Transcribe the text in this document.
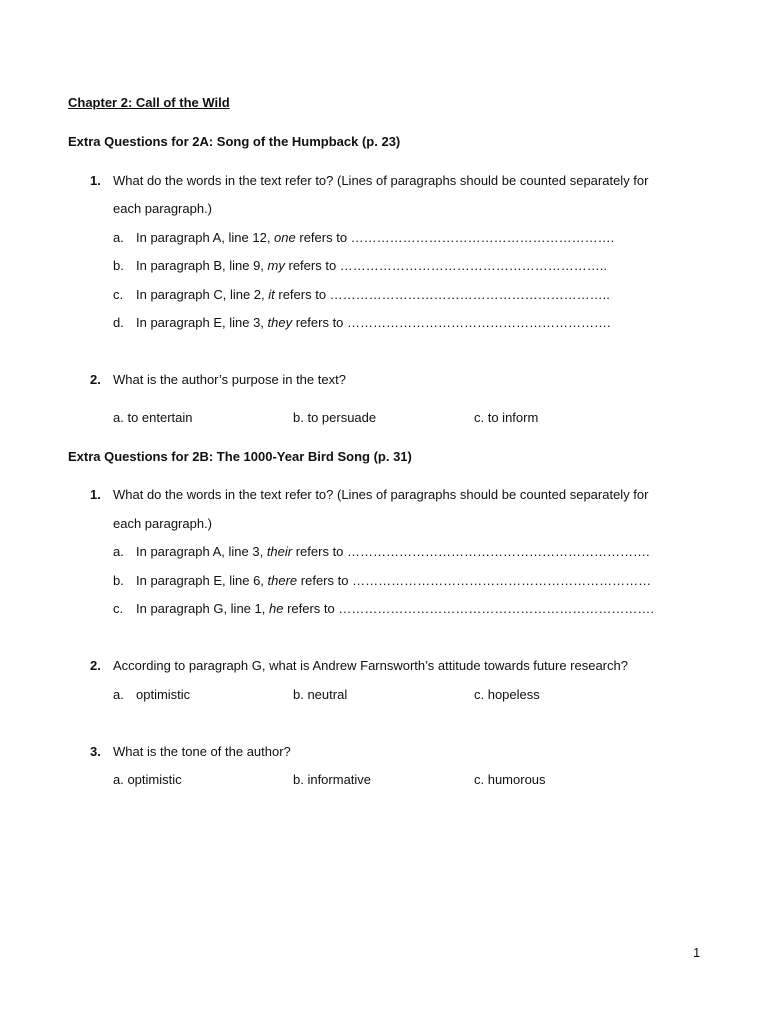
Chapter 2: Call of the Wild
Extra Questions for 2A: Song of the Humpback (p. 23)
1. What do the words in the text refer to? (Lines of paragraphs should be counted separately for
each paragraph.)
a. In paragraph A, line 12, one refers to …………………………………………………….
b. In paragraph B, line 9, my refers to ……………………………………………………..
c. In paragraph C, line 2, it refers to ………………………………………………………..
d. In paragraph E, line 3, they refers to …………………………………………………….
2. What is the author’s purpose in the text?
a. to entertain	b. to persuade	c. to inform
Extra Questions for 2B: The 1000-Year Bird Song (p. 31)
1. What do the words in the text refer to? (Lines of paragraphs should be counted separately for
each paragraph.)
a. In paragraph A, line 3, their refers to …………………………………………………………….
b. In paragraph E, line 6, there refers to ……………………………………………………………
c. In paragraph G, line 1, he refers to ……………………………………………………………….
2. According to paragraph G, what is Andrew Farnsworth’s attitude towards future research?
a. optimistic	b. neutral	c. hopeless
3. What is the tone of the author?
a. optimistic	b. informative	c. humorous
1
